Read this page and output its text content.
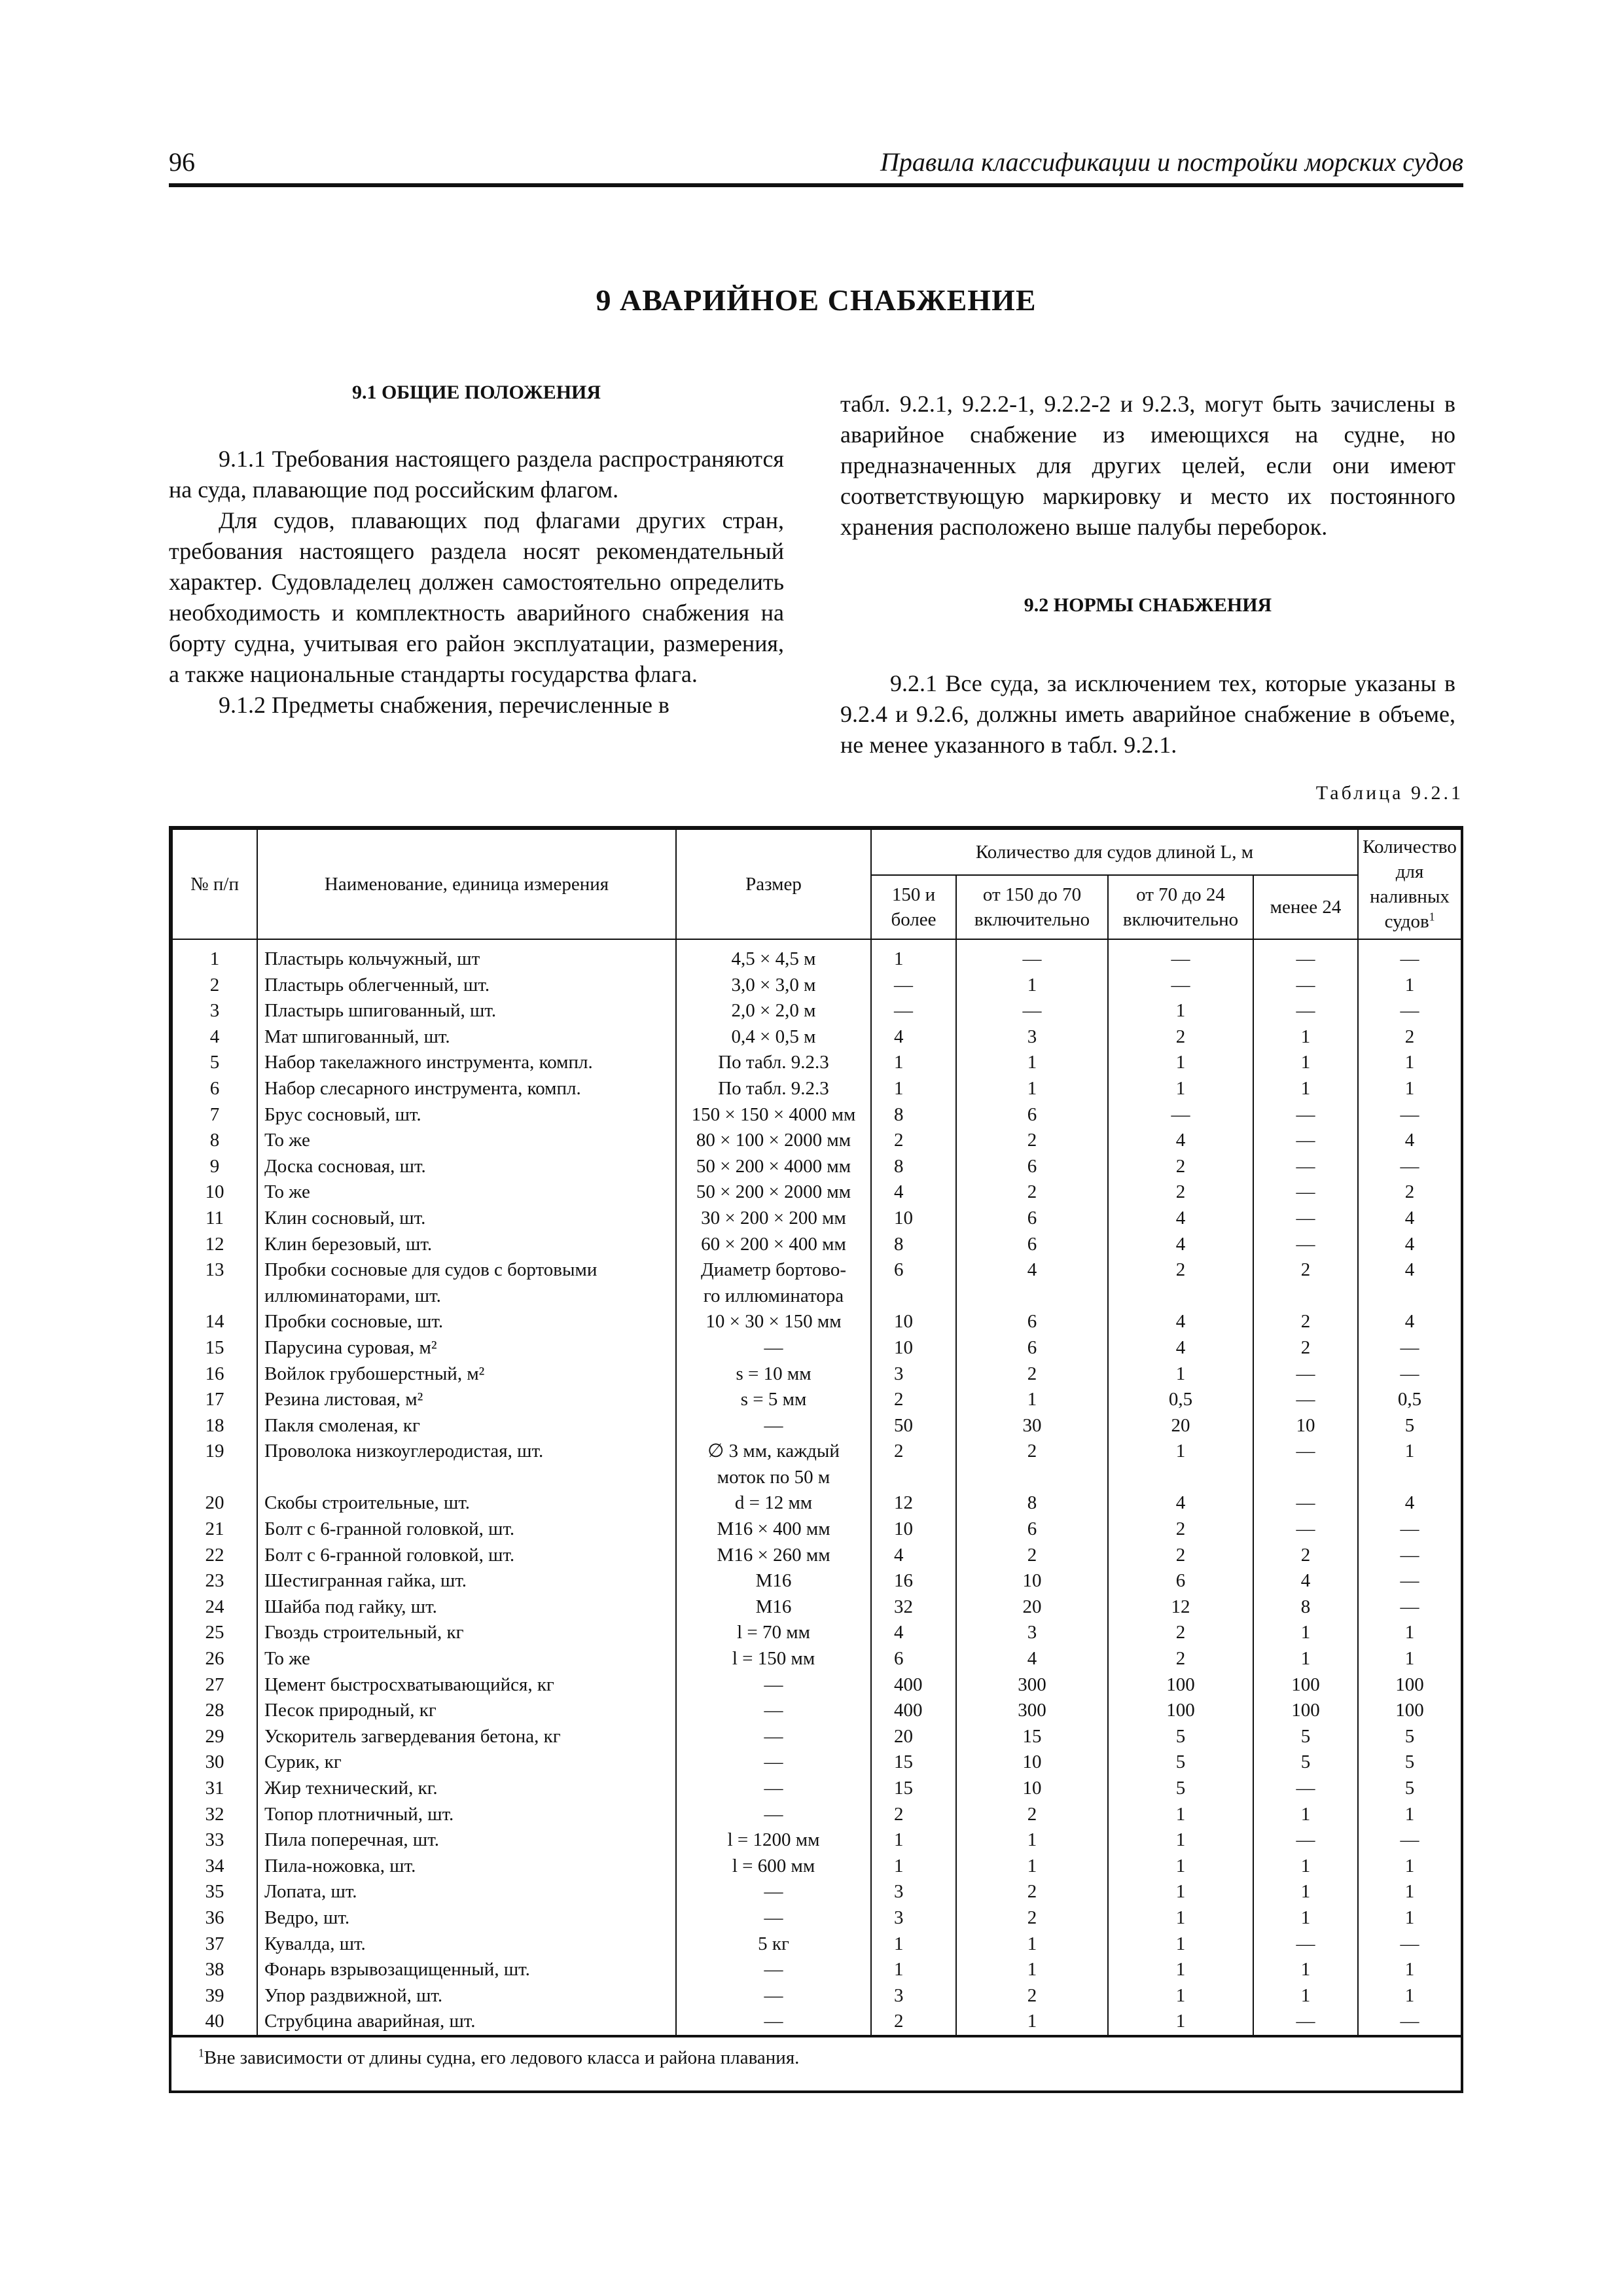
96	Правила классификации и постройки морских судов
9 АВАРИЙНОЕ СНАБЖЕНИЕ
9.1 ОБЩИЕ ПОЛОЖЕНИЯ

9.1.1 Требования настоящего раздела распространяются на суда, плавающие под российским флагом.

Для судов, плавающих под флагами других стран, требования настоящего раздела носят рекомендательный характер. Судовладелец должен самостоятельно определить необходимость и комплектность аварийного снабжения на борту судна, учитывая его район эксплуатации, размерения, а также национальные стандарты государства флага.

9.1.2 Предметы снабжения, перечисленные в

табл. 9.2.1, 9.2.2-1, 9.2.2-2 и 9.2.3, могут быть зачислены в аварийное снабжение из имеющихся на судне, но предназначенных для других целей, если они имеют соответствующую маркировку и место их постоянного хранения расположено выше палубы переборок.

9.2 НОРМЫ СНАБЖЕНИЯ

9.2.1 Все суда, за исключением тех, которые указаны в 9.2.4 и 9.2.6, должны иметь аварийное снабжение в объеме, не менее указанного в табл. 9.2.1.

Таблица 9.2.1
№ п/п	Наименование, единица измерения	Размер	Количество для судов длиной L, м				Количество для наливных судов$^1$
			150 и более	от 150 до 70 включительно	от 70 до 24 включительно	менее 24	
1	Пластырь кольчужный, шт	4,5 × 4,5 м	1	—	—	—	—
2	Пластырь облегченный, шт.	3,0 × 3,0 м	—	1	—	—	1
3	Пластырь шпигованный, шт.	2,0 × 2,0 м	—	—	1	—	—
4	Мат шпигованный, шт.	0,4 × 0,5 м	4	3	2	1	2
5	Набор такелажного инструмента, компл.	По табл. 9.2.3	1	1	1	1	1
6	Набор слесарного инструмента, компл.	По табл. 9.2.3	1	1	1	1	1
7	Брус сосновый, шт.	150 × 150 × 4000 мм	8	6	—	—	—
8	То же	80 × 100 × 2000 мм	2	2	4	—	4
9	Доска сосновая, шт.	50 × 200 × 4000 мм	8	6	2	—	—
10	То же	50 × 200 × 2000 мм	4	2	2	—	2
11	Клин сосновый, шт.	30 × 200 × 200 мм	10	6	4	—	4
12	Клин березовый, шт.	60 × 200 × 400 мм	8	6	4	—	4
13	Пробки сосновые для судов с бортовыми	Диаметр бортово-	6	4	2	2	4
	иллюминаторами, шт.	го иллюминатора					
14	Пробки сосновые, шт.	10 × 30 × 150 мм	10	6	4	2	4
15	Парусина суровая, м²	—	10	6	4	2	—
16	Войлок грубошерстный, м²	s = 10 мм	3	2	1	—	—
17	Резина листовая, м²	s = 5 мм	2	1	0,5	—	0,5
18	Пакля смоленая, кг	—	50	30	20	10	5
19	Проволока низкоуглеродистая, шт.	∅ 3 мм, каждый	2	2	1	—	1
		моток по 50 м					
20	Скобы строительные, шт.	d = 12 мм	12	8	4	—	4
21	Болт с 6-гранной головкой, шт.	M16 × 400 мм	10	6	2	—	—
22	Болт с 6-гранной головкой, шт.	M16 × 260 мм	4	2	2	2	—
23	Шестигранная гайка, шт.	M16	16	10	6	4	—
24	Шайба под гайку, шт.	M16	32	20	12	8	—
25	Гвоздь строительный, кг	l = 70 мм	4	3	2	1	1
26	То же	l = 150 мм	6	4	2	1	1
27	Цемент быстросхватывающийся, кг	—	400	300	100	100	100
28	Песок природный, кг	—	400	300	100	100	100
29	Ускоритель загвердевания бетона, кг	—	20	15	5	5	5
30	Сурик, кг	—	15	10	5	5	5
31	Жир технический, кг.	—	15	10	5	—	5
32	Топор плотничный, шт.	—	2	2	1	1	1
33	Пила поперечная, шт.	l = 1200 мм	1	1	1	—	—
34	Пила-ножовка, шт.	l = 600 мм	1	1	1	1	1
35	Лопата, шт.	—	3	2	1	1	1
36	Ведро, шт.	—	3	2	1	1	1
37	Кувалда, шт.	5 кг	1	1	1	—	—
38	Фонарь взрывозащищенный, шт.	—	1	1	1	1	1
39	Упор раздвижной, шт.	—	3	2	1	1	1
40	Струбцина аварийная, шт.	—	2	1	1	—	—
$^1$Вне зависимости от длины судна, его ледового класса и района плавания.							
